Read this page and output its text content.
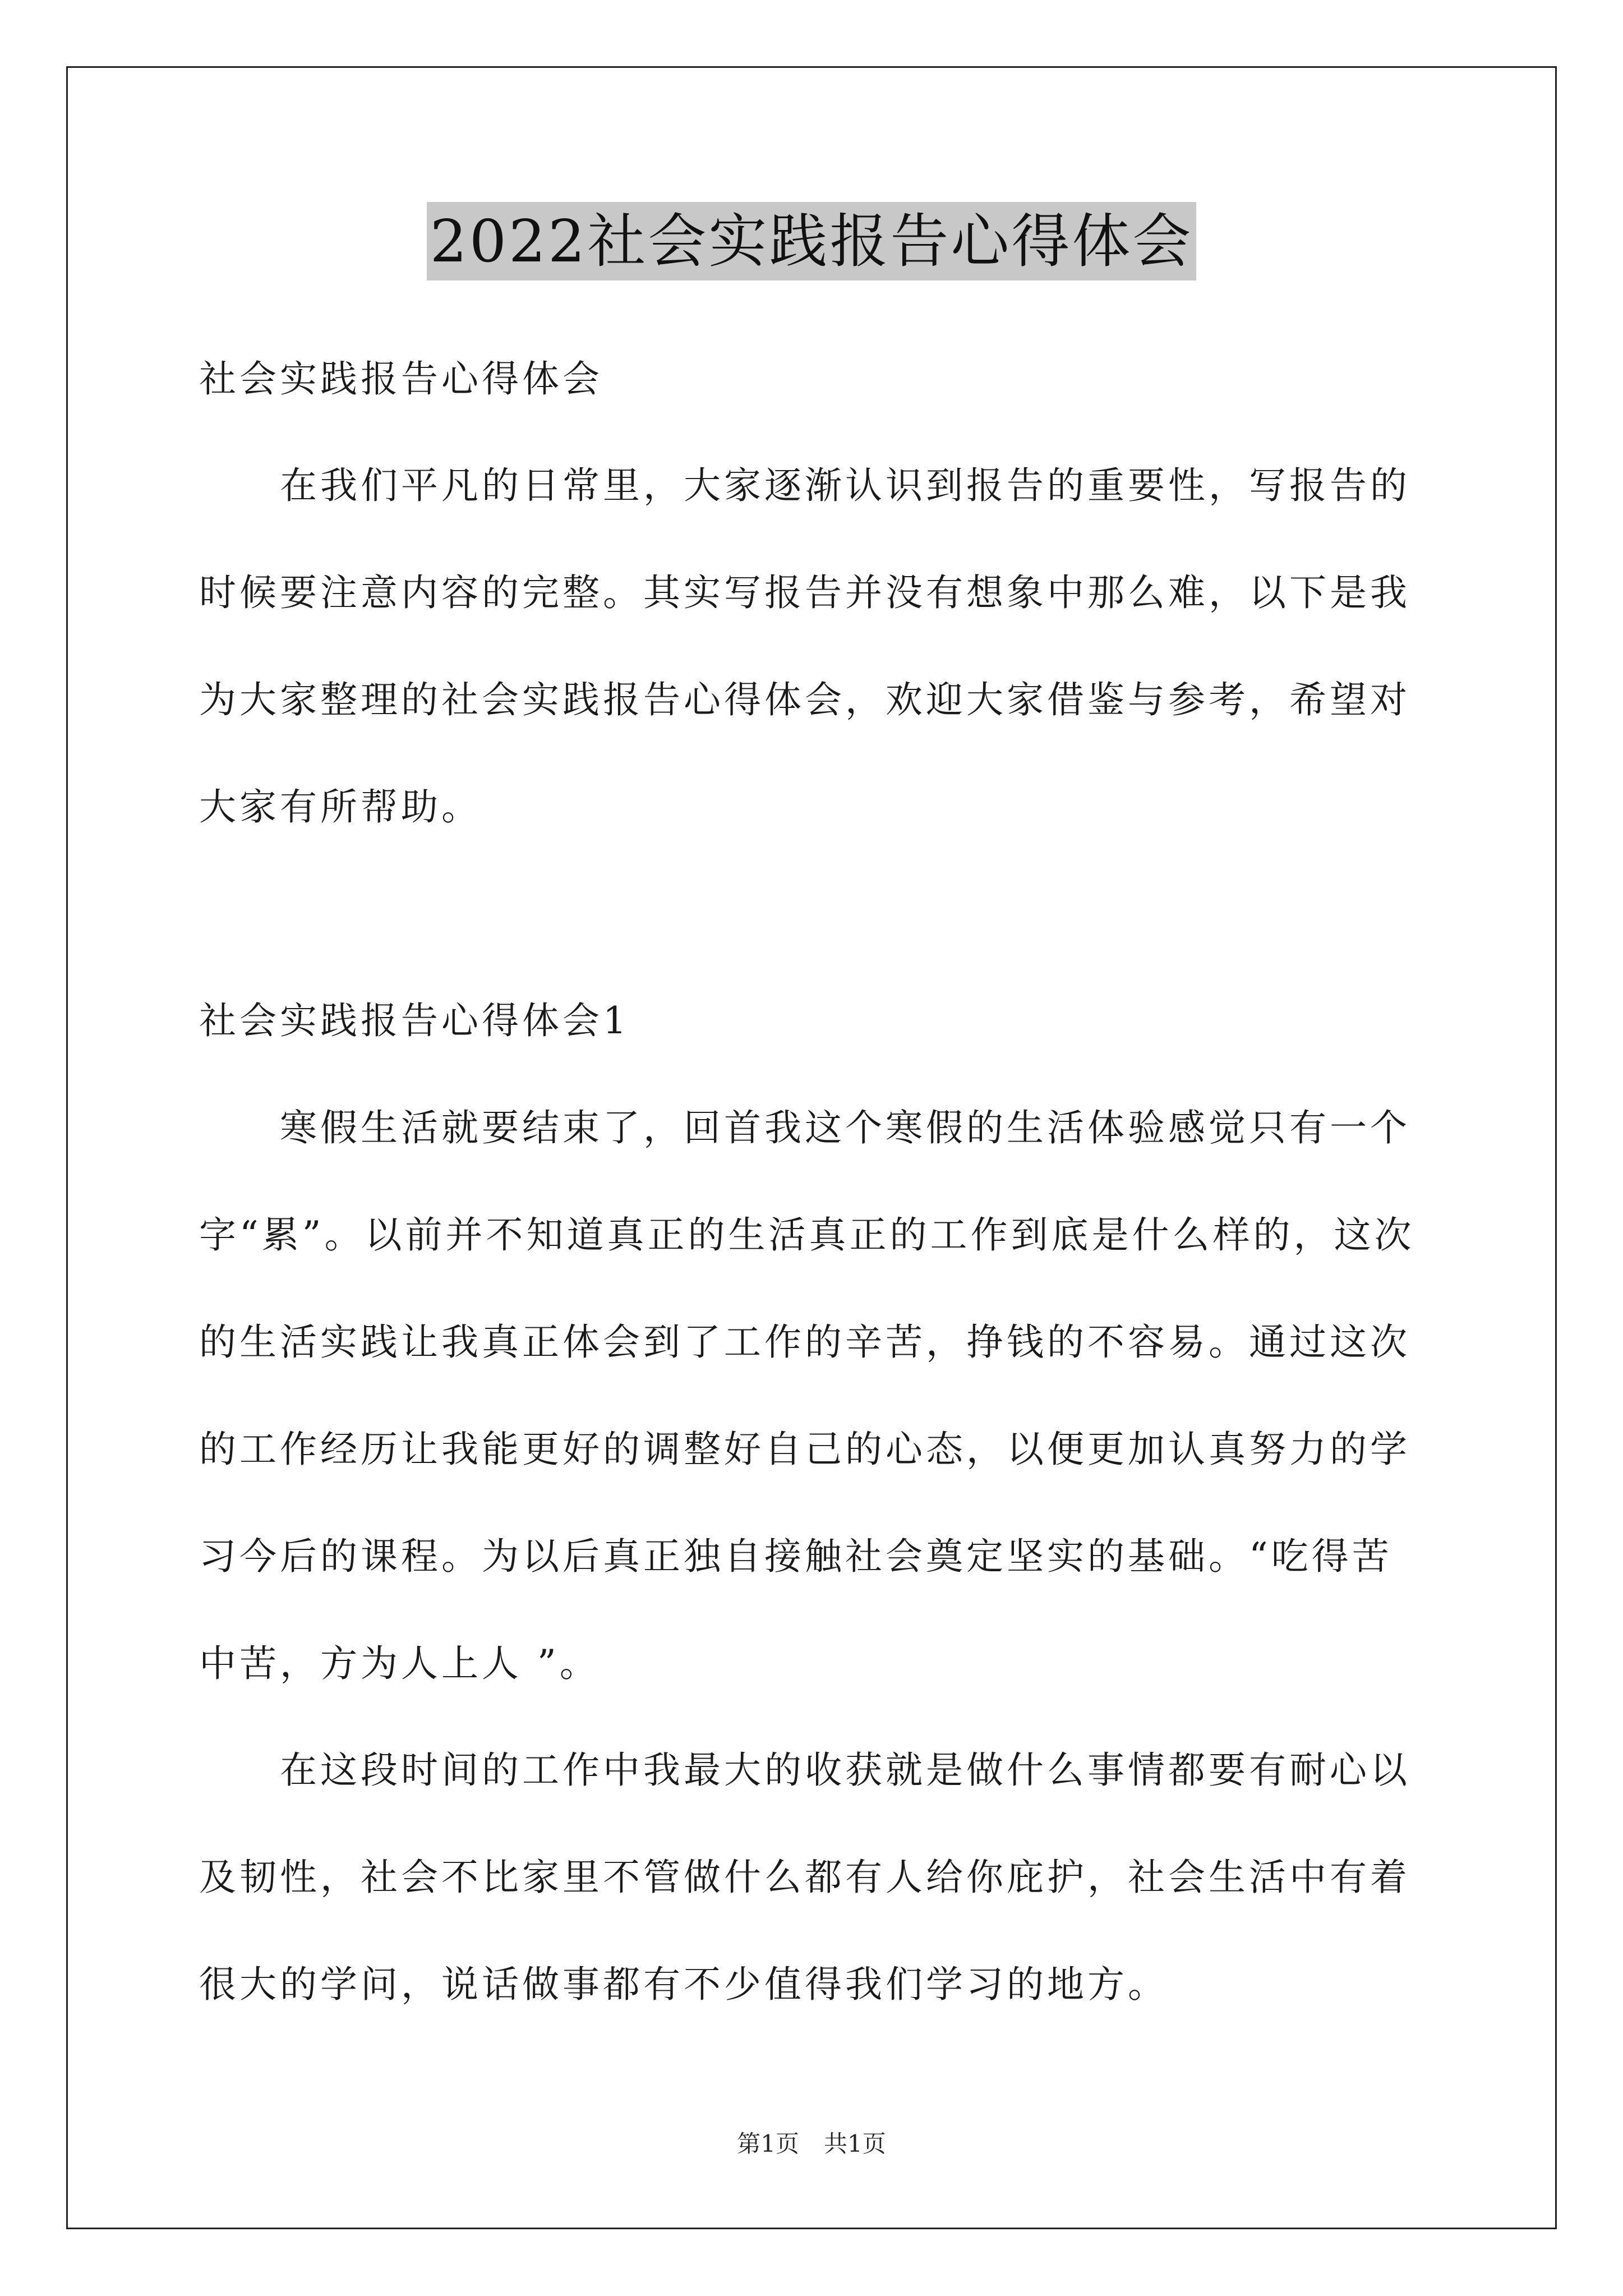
2022社会实践报告心得体会

社会实践报告心得体会

在我们平凡的日常里，大家逐渐认识到报告的重要性，写报告的时候要注意内容的完整。其实写报告并没有想象中那么难，以下是我为大家整理的社会实践报告心得体会，欢迎大家借鉴与参考，希望对大家有所帮助。

社会实践报告心得体会1

寒假生活就要结束了，回首我这个寒假的生活体验感觉只有一个字“累”。以前并不知道真正的生活真正的工作到底是什么样的，这次的生活实践让我真正体会到了工作的辛苦，挣钱的不容易。通过这次的工作经历让我能更好的调整好自己的心态，以便更加认真努力的学习今后的课程。为以后真正独自接触社会奠定坚实的基础。“吃得苦中苦，方为人上人 ”。

在这段时间的工作中我最大的收获就是做什么事情都要有耐心以及韧性，社会不比家里不管做什么都有人给你庇护，社会生活中有着很大的学问，说话做事都有不少值得我们学习的地方。

第1页 共1页
